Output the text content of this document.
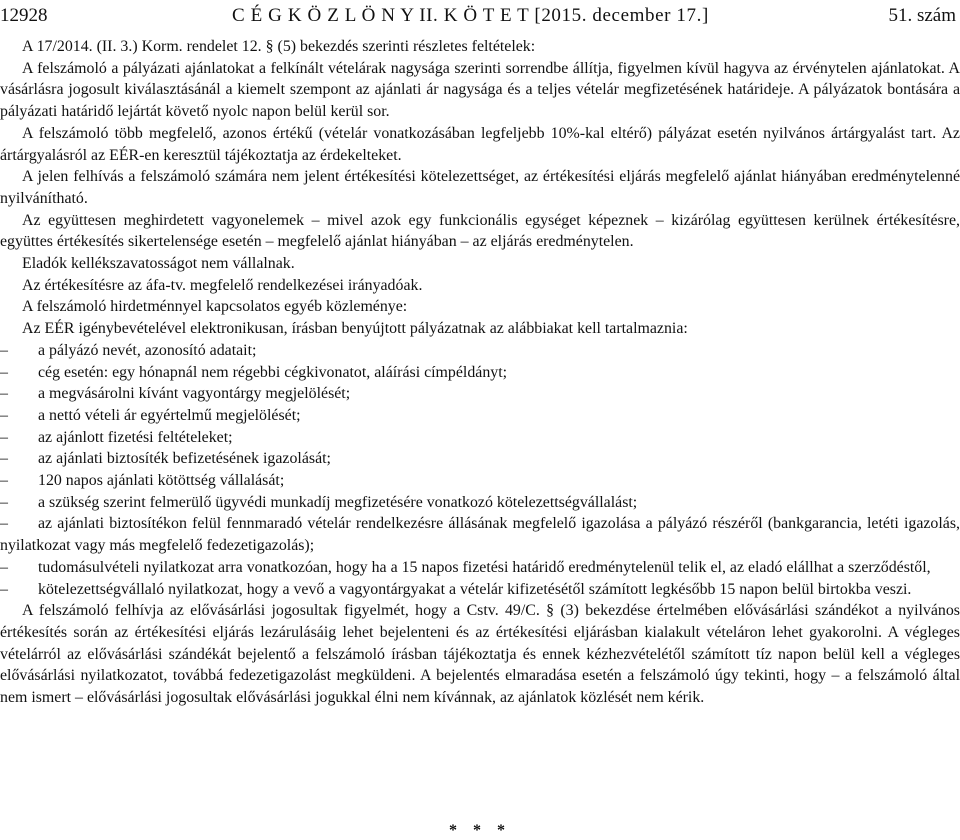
12928	C É G K Ö Z L Ö N Y II. K Ö T E T [2015. december 17.]	51. szám

A 17/2014. (II. 3.) Korm. rendelet 12. § (5) bekezdés szerinti részletes feltételek:

A felszámoló a pályázati ajánlatokat a felkínált vételárak nagysága szerinti sorrendbe állítja, figyelmen kívül hagyva az érvénytelen ajánlatokat. A vásárlásra jogosult kiválasztásánál a kiemelt szempont az ajánlati ár nagysága és a teljes vételár megfizetésének határideje. A pályázatok bontására a pályázati határidő lejártát követő nyolc napon belül kerül sor.

A felszámoló több megfelelő, azonos értékű (vételár vonatkozásában legfeljebb 10%-kal eltérő) pályázat esetén nyilvános ártárgyalást tart. Az ártárgyalásról az EÉR-en keresztül tájékoztatja az érdekelteket.

A jelen felhívás a felszámoló számára nem jelent értékesítési kötelezettséget, az értékesítési eljárás megfelelő ajánlat hiányában eredménytelenné nyilvánítható.

Az együttesen meghirdetett vagyonelemek – mivel azok egy funkcionális egységet képeznek – kizárólag együttesen kerülnek értékesítésre, együttes értékesítés sikertelensége esetén – megfelelő ajánlat hiányában – az eljárás eredménytelen.

Eladók kellékszavatosságot nem vállalnak.

Az értékesítésre az áfa-tv. megfelelő rendelkezései irányadóak.

A felszámoló hirdetménnyel kapcsolatos egyéb közleménye:

Az EÉR igénybevételével elektronikusan, írásban benyújtott pályázatnak az alábbiakat kell tartalmaznia:

– a pályázó nevét, azonosító adatait;

– cég esetén: egy hónapnál nem régebbi cégkivonatot, aláírási címpéldányt;

– a megvásárolni kívánt vagyontárgy megjelölését;

– a nettó vételi ár egyértelmű megjelölését;

– az ajánlott fizetési feltételeket;

– az ajánlati biztosíték befizetésének igazolását;

– 120 napos ajánlati kötöttség vállalását;

– a szükség szerint felmerülő ügyvédi munkadíj megfizetésére vonatkozó kötelezettségvállalást;

– az ajánlati biztosítékon felül fennmaradó vételár rendelkezésre állásának megfelelő igazolása a pályázó részéről (bankgarancia, letéti igazolás, nyilatkozat vagy más megfelelő fedezetigazolás);

– tudomásulvételi nyilatkozat arra vonatkozóan, hogy ha a 15 napos fizetési határidő eredménytelenül telik el, az eladó elállhat a szerződéstől,

– kötelezettségvállaló nyilatkozat, hogy a vevő a vagyontárgyakat a vételár kifizetésétől számított legkésőbb 15 napon belül birtokba veszi.

A felszámoló felhívja az elővásárlási jogosultak figyelmét, hogy a Cstv. 49/C. § (3) bekezdése értelmében elővásárlási szándékot a nyilvános értékesítés során az értékesítési eljárás lezárulásáig lehet bejelenteni és az értékesítési eljárásban kialakult vételáron lehet gyakorolni. A végleges vételárról az elővásárlási szándékát bejelentő a felszámoló írásban tájékoztatja és ennek kézhezvételétől számított tíz napon belül kell a végleges elővásárlási nyilatkozatot, továbbá fedezetigazolást megküldeni. A bejelentés elmaradása esetén a felszámoló úgy tekinti, hogy – a felszámoló által nem ismert – elővásárlási jogosultak elővásárlási jogukkal élni nem kívánnak, az ajánlatok közlését nem kérik.

* * *
